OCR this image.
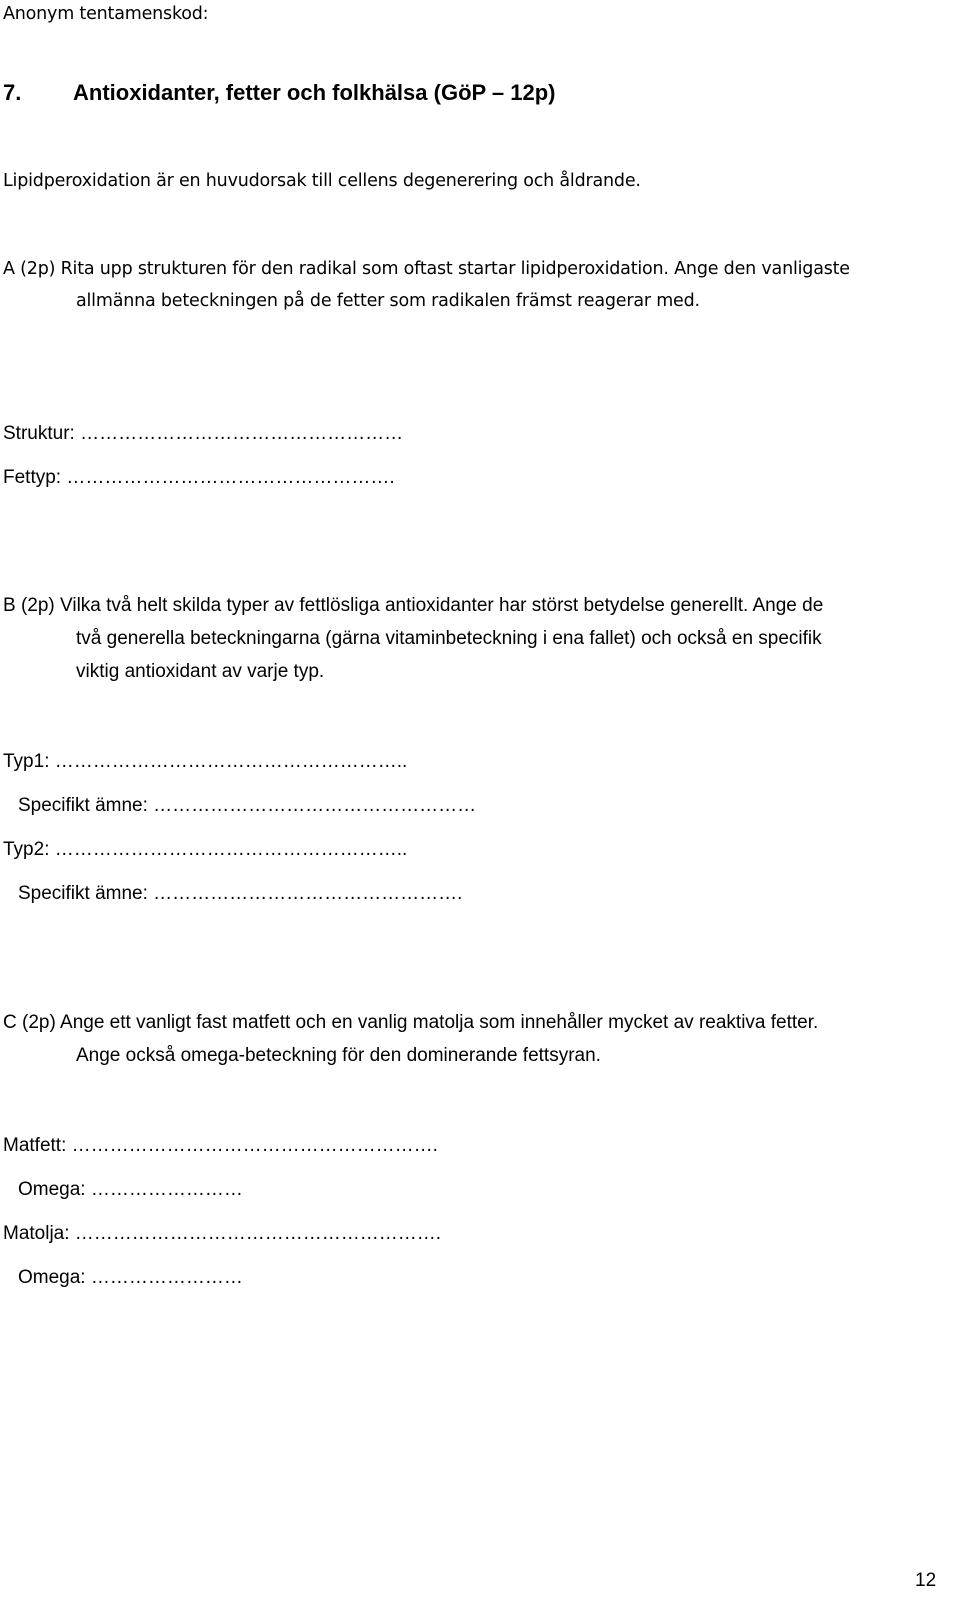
Anonym tentamenskod:
7. Antioxidanter, fetter och folkhälsa (GöP – 12p)
Lipidperoxidation är en huvudorsak till cellens degenerering och åldrande.
A (2p) Rita upp strukturen för den radikal som oftast startar lipidperoxidation. Ange den vanligaste
allmänna beteckningen på de fetter som radikalen främst reagerar med.
Struktur: ……………………………………………
Fettyp: …………………………………………….
B (2p) Vilka två helt skilda typer av fettlösliga antioxidanter har störst betydelse generellt. Ange de
två generella beteckningarna (gärna vitaminbeteckning i ena fallet) och också en specifik
viktig antioxidant av varje typ.
Typ1: ………………………………………………..
Specifikt ämne: ……………………………………………
Typ2: ………………………………………………..
Specifikt ämne: ………………………………………….
C (2p) Ange ett vanligt fast matfett och en vanlig matolja som innehåller mycket av reaktiva fetter.
Ange också omega-beteckning för den dominerande fettsyran.
Matfett: ………………………………………………….
Omega: ……………………
Matolja: ………………………………………………….
Omega: ……………………
12
